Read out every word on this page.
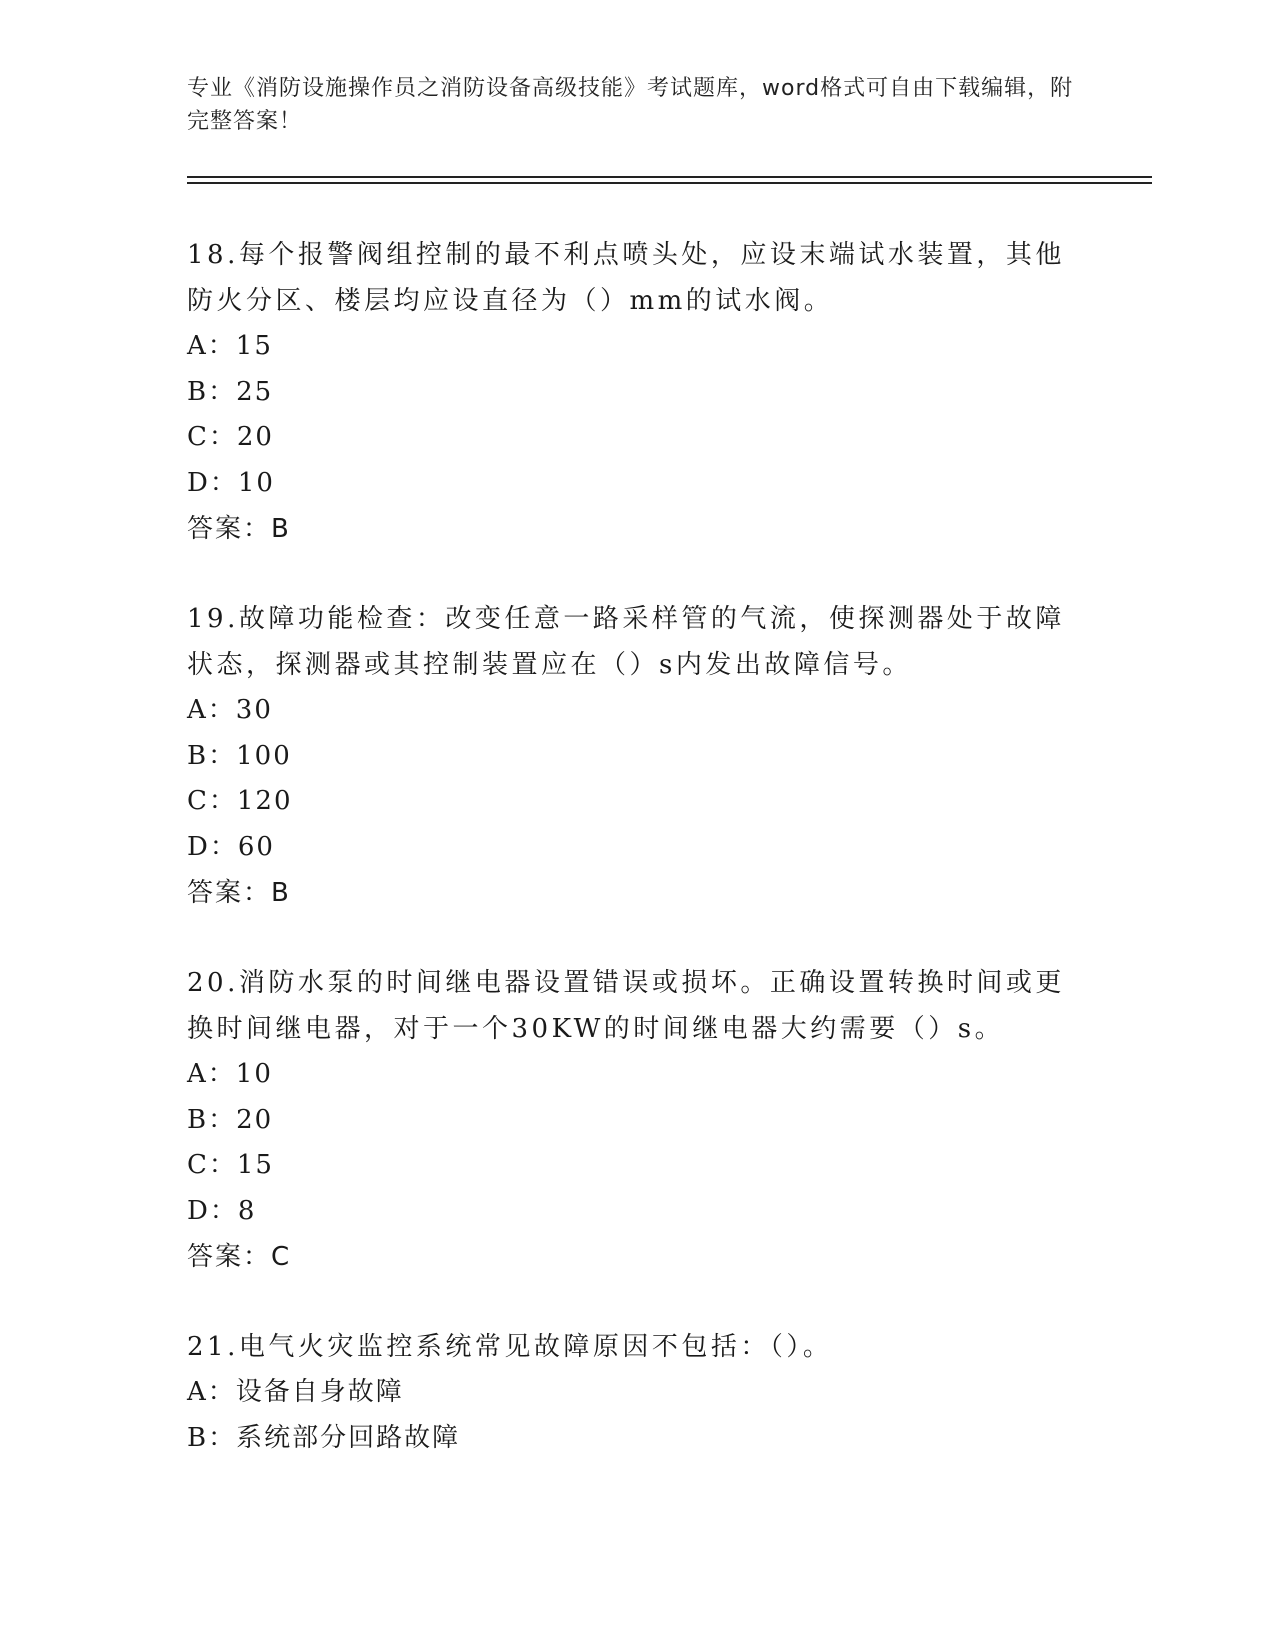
专业《消防设施操作员之消防设备高级技能》考试题库，word格式可自由下载编辑，附完整答案！

18.每个报警阀组控制的最不利点喷头处，应设末端试水装置，其他防火分区、楼层均应设直径为（）mm的试水阀。

A：15

B：25

C：20

D：10

答案：B

19.故障功能检查：改变任意一路采样管的气流，使探测器处于故障状态，探测器或其控制装置应在（）s内发出故障信号。

A：30

B：100

C：120

D：60

答案：B

20.消防水泵的时间继电器设置错误或损坏。正确设置转换时间或更换时间继电器，对于一个30KW的时间继电器大约需要（）s。

A：10

B：20

C：15

D：8

答案：C

21.电气火灾监控系统常见故障原因不包括：（）。

A：设备自身故障

B：系统部分回路故障
